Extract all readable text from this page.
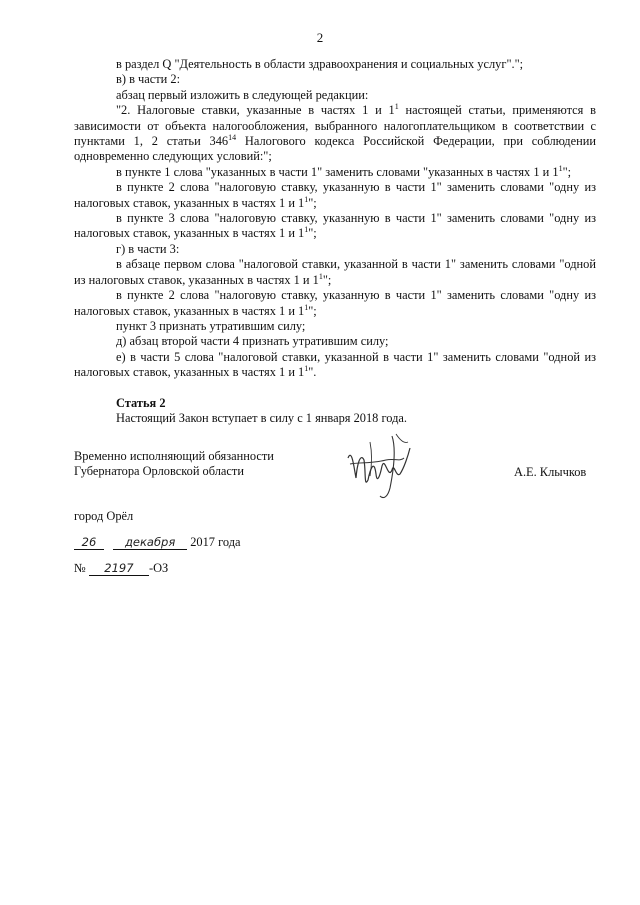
2

в раздел Q "Деятельность в области здравоохранения и социальных услуг".";

в) в части 2:

абзац первый изложить в следующей редакции:

"2. Налоговые ставки, указанные в частях 1 и $1^1$ настоящей статьи, применяются в зависимости от объекта налогообложения, выбранного налогоплательщиком в соответствии с пунктами 1, 2 статьи $346^{14}$ Налогового кодекса Российской Федерации, при соблюдении одновременно следующих условий:";

в пункте 1 слова "указанных в части 1" заменить словами "указанных в частях 1 и $1^1$";

в пункте 2 слова "налоговую ставку, указанную в части 1" заменить словами "одну из налоговых ставок, указанных в частях 1 и $1^1$";

в пункте 3 слова "налоговую ставку, указанную в части 1" заменить словами "одну из налоговых ставок, указанных в частях 1 и $1^1$";

г) в части 3:

в абзаце первом слова "налоговой ставки, указанной в части 1" заменить словами "одной из налоговых ставок, указанных в частях 1 и $1^1$";

в пункте 2 слова "налоговую ставку, указанную в части 1" заменить словами "одну из налоговых ставок, указанных в частях 1 и $1^1$";

пункт 3 признать утратившим силу;

д) абзац второй части 4 признать утратившим силу;

е) в части 5 слова "налоговой ставки, указанной в части 1" заменить словами "одной из налоговых ставок, указанных в частях 1 и $1^1$".

Статья 2

Настоящий Закон вступает в силу с 1 января 2018 года.

Временно исполняющий обязанности
Губернатора Орловской области	А.Е. Клычков
город Орёл
26 декабря 2017 года
№ 2197 -ОЗ
